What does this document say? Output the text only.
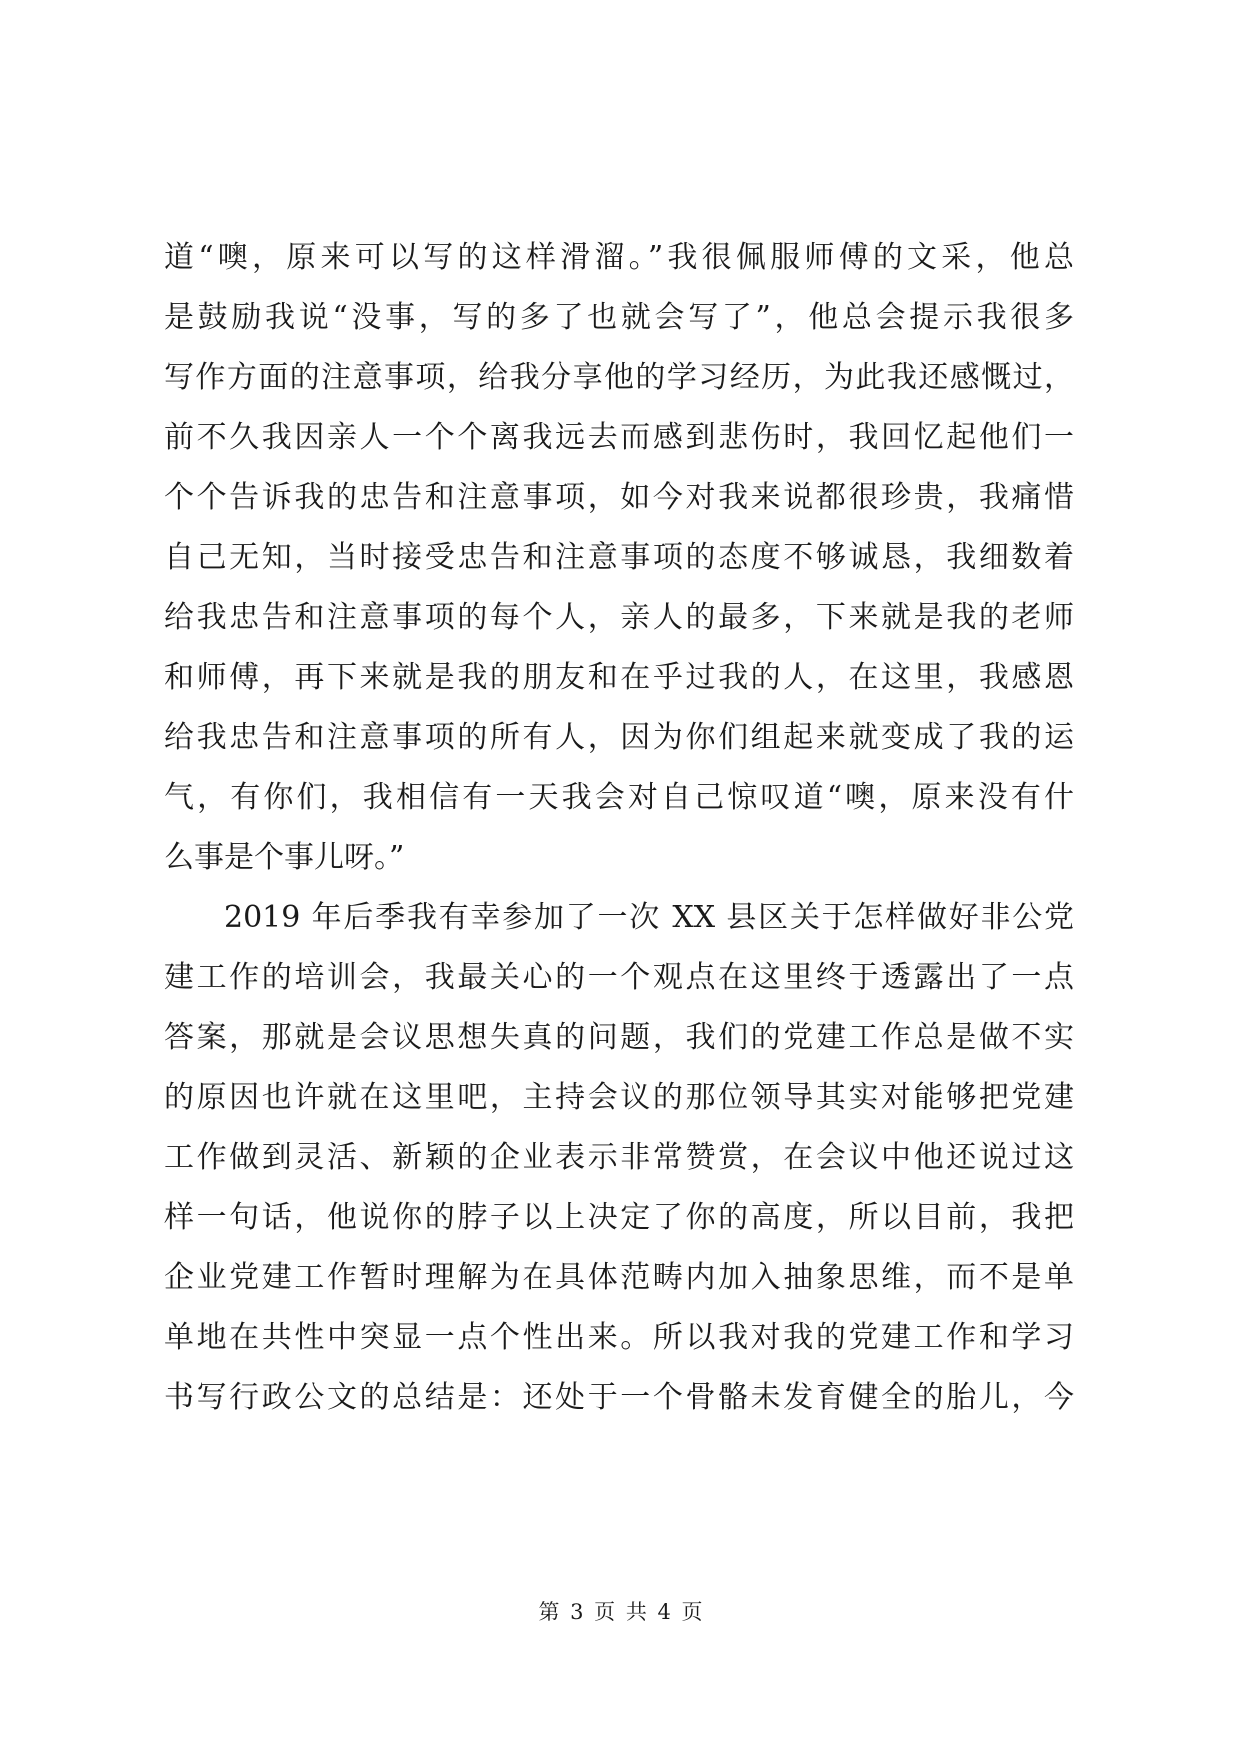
道“噢，原来可以写的这样滑溜。”我很佩服师傅的文采，他总
是鼓励我说“没事，写的多了也就会写了”，他总会提示我很多
写作方面的注意事项，给我分享他的学习经历，为此我还感慨过，
前不久我因亲人一个个离我远去而感到悲伤时，我回忆起他们一
个个告诉我的忠告和注意事项，如今对我来说都很珍贵，我痛惜
自己无知，当时接受忠告和注意事项的态度不够诚恳，我细数着
给我忠告和注意事项的每个人，亲人的最多，下来就是我的老师
和师傅，再下来就是我的朋友和在乎过我的人，在这里，我感恩
给我忠告和注意事项的所有人，因为你们组起来就变成了我的运
气，有你们，我相信有一天我会对自己惊叹道“噢，原来没有什
么事是个事儿呀。”
2019 年后季我有幸参加了一次 XX 县区关于怎样做好非公党
建工作的培训会，我最关心的一个观点在这里终于透露出了一点
答案，那就是会议思想失真的问题，我们的党建工作总是做不实
的原因也许就在这里吧，主持会议的那位领导其实对能够把党建
工作做到灵活、新颖的企业表示非常赞赏，在会议中他还说过这
样一句话，他说你的脖子以上决定了你的高度，所以目前，我把
企业党建工作暂时理解为在具体范畴内加入抽象思维，而不是单
单地在共性中突显一点个性出来。所以我对我的党建工作和学习
书写行政公文的总结是：还处于一个骨骼未发育健全的胎儿，今
第 3 页 共 4 页
